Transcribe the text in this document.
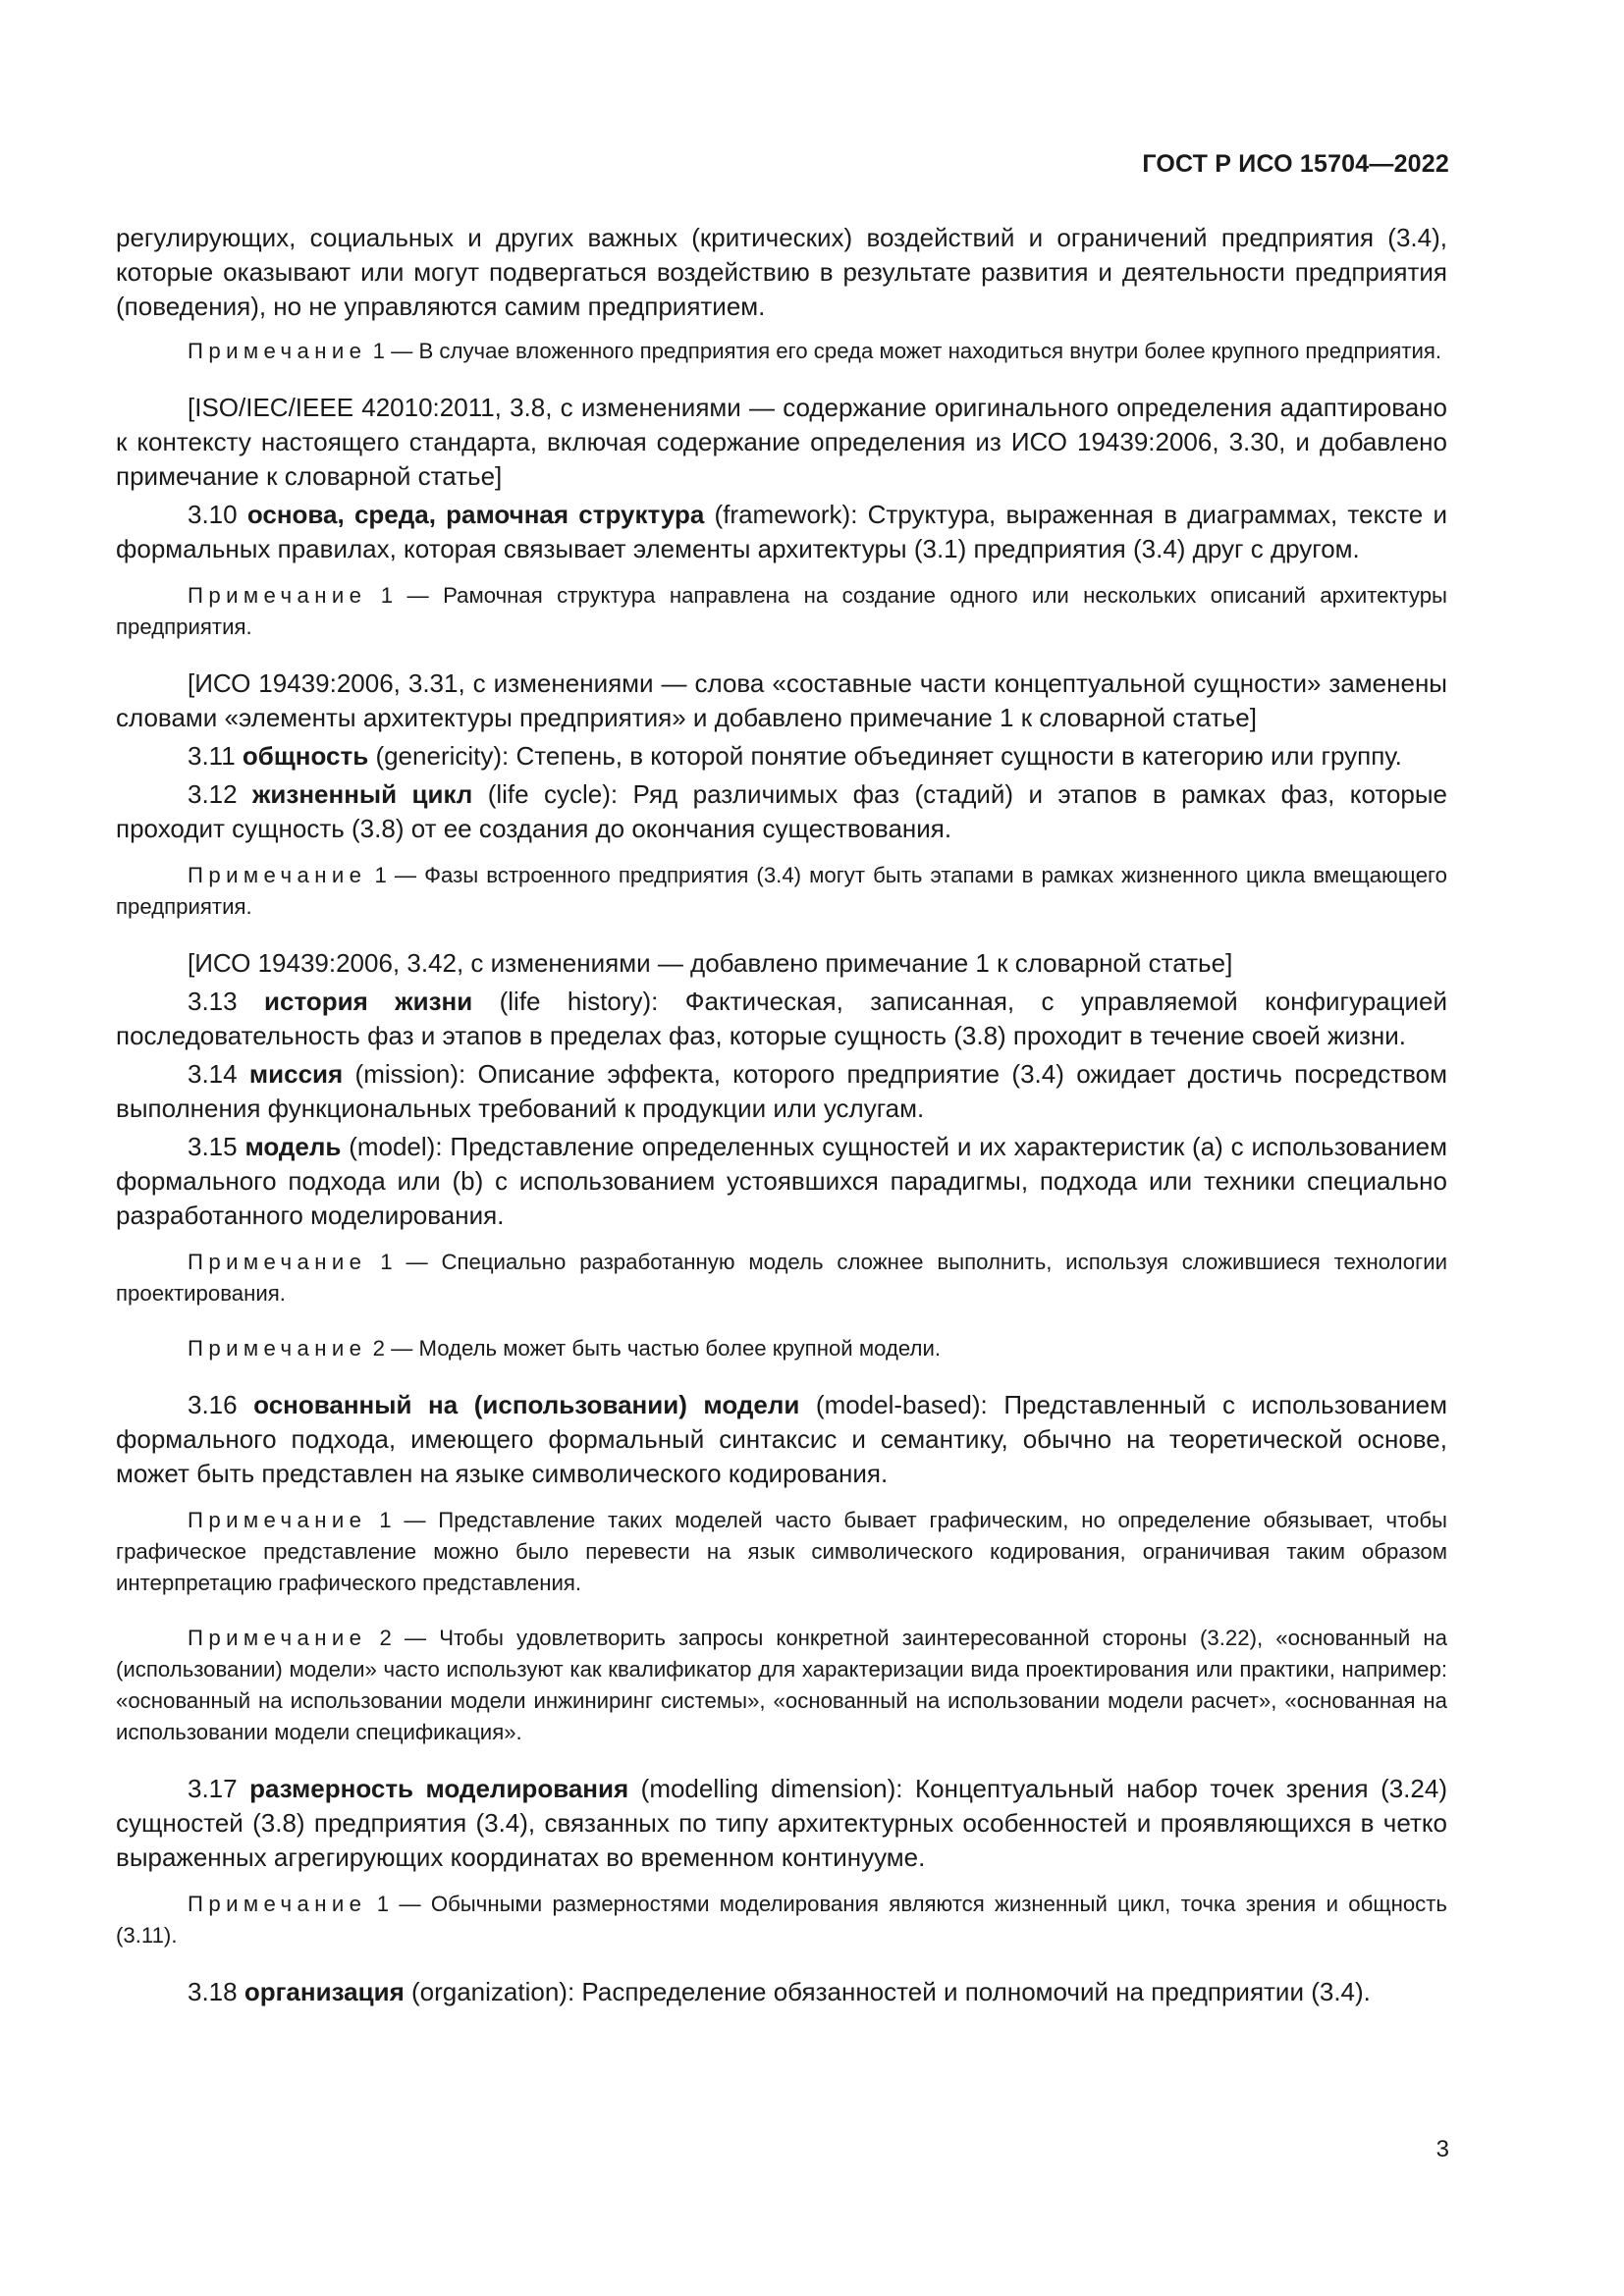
ГОСТ Р ИСО 15704—2022

регулирующих, социальных и других важных (критических) воздействий и ограничений предприятия (3.4), которые оказывают или могут подвергаться воздействию в результате развития и деятельности предприятия (поведения), но не управляются самим предприятием.

Примечание 1 — В случае вложенного предприятия его среда может находиться внутри более крупного предприятия.

[ISO/IEC/IEEE 42010:2011, 3.8, с изменениями — содержание оригинального определения адаптировано к контексту настоящего стандарта, включая содержание определения из ИСО 19439:2006, 3.30, и добавлено примечание к словарной статье]

3.10 основа, среда, рамочная структура (framework): Структура, выраженная в диаграммах, тексте и формальных правилах, которая связывает элементы архитектуры (3.1) предприятия (3.4) друг с другом.

Примечание 1 — Рамочная структура направлена на создание одного или нескольких описаний архитектуры предприятия.

[ИСО 19439:2006, 3.31, с изменениями — слова «составные части концептуальной сущности» заменены словами «элементы архитектуры предприятия» и добавлено примечание 1 к словарной статье]

3.11 общность (genericity): Степень, в которой понятие объединяет сущности в категорию или группу.

3.12 жизненный цикл (life cycle): Ряд различимых фаз (стадий) и этапов в рамках фаз, которые проходит сущность (3.8) от ее создания до окончания существования.

Примечание 1 — Фазы встроенного предприятия (3.4) могут быть этапами в рамках жизненного цикла вмещающего предприятия.

[ИСО 19439:2006, 3.42, с изменениями — добавлено примечание 1 к словарной статье]

3.13 история жизни (life history): Фактическая, записанная, с управляемой конфигурацией последовательность фаз и этапов в пределах фаз, которые сущность (3.8) проходит в течение своей жизни.

3.14 миссия (mission): Описание эффекта, которого предприятие (3.4) ожидает достичь посредством выполнения функциональных требований к продукции или услугам.

3.15 модель (model): Представление определенных сущностей и их характеристик (a) с использованием формального подхода или (b) с использованием устоявшихся парадигмы, подхода или техники специально разработанного моделирования.

Примечание 1 — Специально разработанную модель сложнее выполнить, используя сложившиеся технологии проектирования.

Примечание 2 — Модель может быть частью более крупной модели.

3.16 основанный на (использовании) модели (model-based): Представленный с использованием формального подхода, имеющего формальный синтаксис и семантику, обычно на теоретической основе, может быть представлен на языке символического кодирования.

Примечание 1 — Представление таких моделей часто бывает графическим, но определение обязывает, чтобы графическое представление можно было перевести на язык символического кодирования, ограничивая таким образом интерпретацию графического представления.

Примечание 2 — Чтобы удовлетворить запросы конкретной заинтересованной стороны (3.22), «основанный на (использовании) модели» часто используют как квалификатор для характеризации вида проектирования или практики, например: «основанный на использовании модели инжиниринг системы», «основанный на использовании модели расчет», «основанная на использовании модели спецификация».

3.17 размерность моделирования (modelling dimension): Концептуальный набор точек зрения (3.24) сущностей (3.8) предприятия (3.4), связанных по типу архитектурных особенностей и проявляющихся в четко выраженных агрегирующих координатах во временном континууме.

Примечание 1 — Обычными размерностями моделирования являются жизненный цикл, точка зрения и общность (3.11).

3.18 организация (organization): Распределение обязанностей и полномочий на предприятии (3.4).

3
